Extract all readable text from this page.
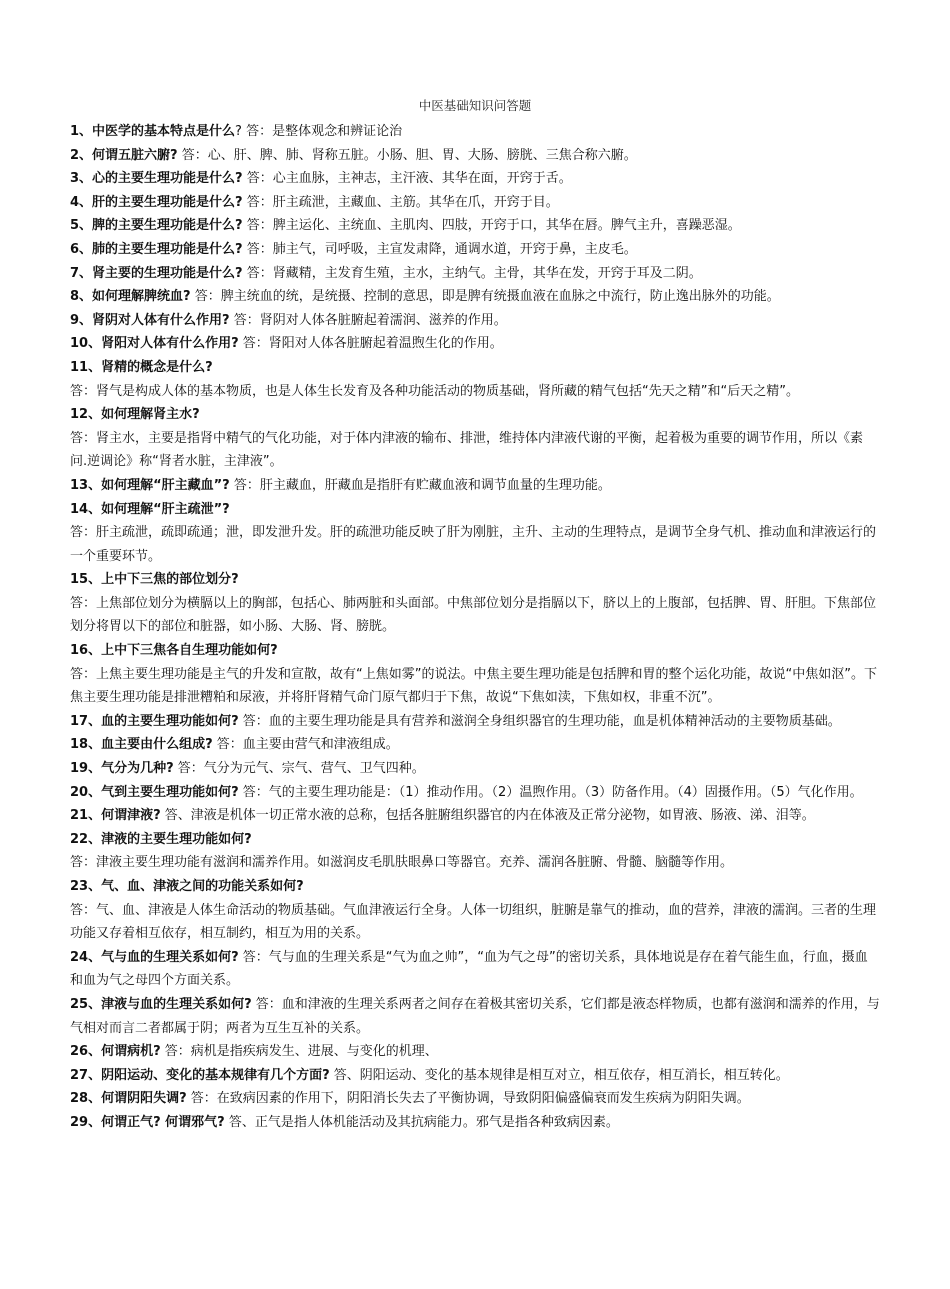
中医基础知识问答题

1、中医学的基本特点是什么? 答：是整体观念和辨证论治

2、何谓五脏六腑? 答：心、肝、脾、肺、肾称五脏。小肠、胆、胃、大肠、膀胱、三焦合称六腑。

3、心的主要生理功能是什么? 答：心主血脉，主神志，主汗液、其华在面，开窍于舌。

4、肝的主要生理功能是什么? 答：肝主疏泄，主藏血、主筋。其华在爪，开窍于目。

5、脾的主要生理功能是什么? 答：脾主运化、主统血、主肌肉、四肢，开窍于口，其华在唇。脾气主升，喜躁恶湿。

6、肺的主要生理功能是什么? 答：肺主气，司呼吸，主宣发肃降，通调水道，开窍于鼻，主皮毛。

7、肾主要的生理功能是什么? 答：肾藏精，主发育生殖，主水，主纳气。主骨，其华在发，开窍于耳及二阴。

8、如何理解脾统血? 答：脾主统血的统，是统摄、控制的意思，即是脾有统摄血液在血脉之中流行，防止逸出脉外的功能。

9、肾阴对人体有什么作用? 答：肾阴对人体各脏腑起着濡润、滋养的作用。

10、肾阳对人体有什么作用? 答：肾阳对人体各脏腑起着温煦生化的作用。

11、肾精的概念是什么?

答：肾气是构成人体的基本物质，也是人体生长发育及各种功能活动的物质基础，肾所藏的精气包括“先天之精”和“后天之精”。

12、如何理解肾主水?

答：肾主水，主要是指肾中精气的气化功能，对于体内津液的输布、排泄，维持体内津液代谢的平衡，起着极为重要的调节作用，所以《素问.逆调论》称“肾者水脏，主津液”。

13、如何理解“肝主藏血”? 答：肝主藏血，肝藏血是指肝有贮藏血液和调节血量的生理功能。

14、如何理解“肝主疏泄”?

答：肝主疏泄，疏即疏通；泄，即发泄升发。肝的疏泄功能反映了肝为刚脏，主升、主动的生理特点，是调节全身气机、推动血和津液运行的一个重要环节。

15、上中下三焦的部位划分?

答：上焦部位划分为横膈以上的胸部，包括心、肺两脏和头面部。中焦部位划分是指膈以下，脐以上的上腹部，包括脾、胃、肝胆。下焦部位划分将胃以下的部位和脏器，如小肠、大肠、肾、膀胱。

16、上中下三焦各自生理功能如何?

答：上焦主要生理功能是主气的升发和宣散，故有“上焦如雾”的说法。中焦主要生理功能是包括脾和胃的整个运化功能，故说“中焦如沤”。下焦主要生理功能是排泄糟粕和尿液，并将肝肾精气命门原气都归于下焦，故说“下焦如渎，下焦如权，非重不沉”。

17、血的主要生理功能如何? 答：血的主要生理功能是具有营养和滋润全身组织器官的生理功能，血是机体精神活动的主要物质基础。

18、血主要由什么组成? 答：血主要由营气和津液组成。

19、气分为几种? 答：气分为元气、宗气、营气、卫气四种。

20、气到主要生理功能如何? 答：气的主要生理功能是：（1）推动作用。（2）温煦作用。（3）防备作用。（4）固摄作用。（5）气化作用。

21、何谓津液? 答、津液是机体一切正常水液的总称，包括各脏腑组织器官的内在体液及正常分泌物，如胃液、肠液、涕、泪等。

22、津液的主要生理功能如何?

答：津液主要生理功能有滋润和濡养作用。如滋润皮毛肌肤眼鼻口等器官。充养、濡润各脏腑、骨髓、脑髓等作用。

23、气、血、津液之间的功能关系如何?

答：气、血、津液是人体生命活动的物质基础。气血津液运行全身。人体一切组织，脏腑是靠气的推动，血的营养，津液的濡润。三者的生理功能又存着相互依存，相互制约，相互为用的关系。

24、气与血的生理关系如何? 答：气与血的生理关系是“气为血之帅”，“血为气之母”的密切关系，具体地说是存在着气能生血，行血，摄血和血为气之母四个方面关系。

25、津液与血的生理关系如何? 答：血和津液的生理关系两者之间存在着极其密切关系，它们都是液态样物质，也都有滋润和濡养的作用，与气相对而言二者都属于阴；两者为互生互补的关系。

26、何谓病机? 答：病机是指疾病发生、进展、与变化的机理、

27、阴阳运动、变化的基本规律有几个方面? 答、阴阳运动、变化的基本规律是相互对立，相互依存，相互消长，相互转化。

28、何谓阴阳失调? 答：在致病因素的作用下，阴阳消长失去了平衡协调，导致阴阳偏盛偏衰而发生疾病为阴阳失调。

29、何谓正气? 何谓邪气? 答、正气是指人体机能活动及其抗病能力。邪气是指各种致病因素。
